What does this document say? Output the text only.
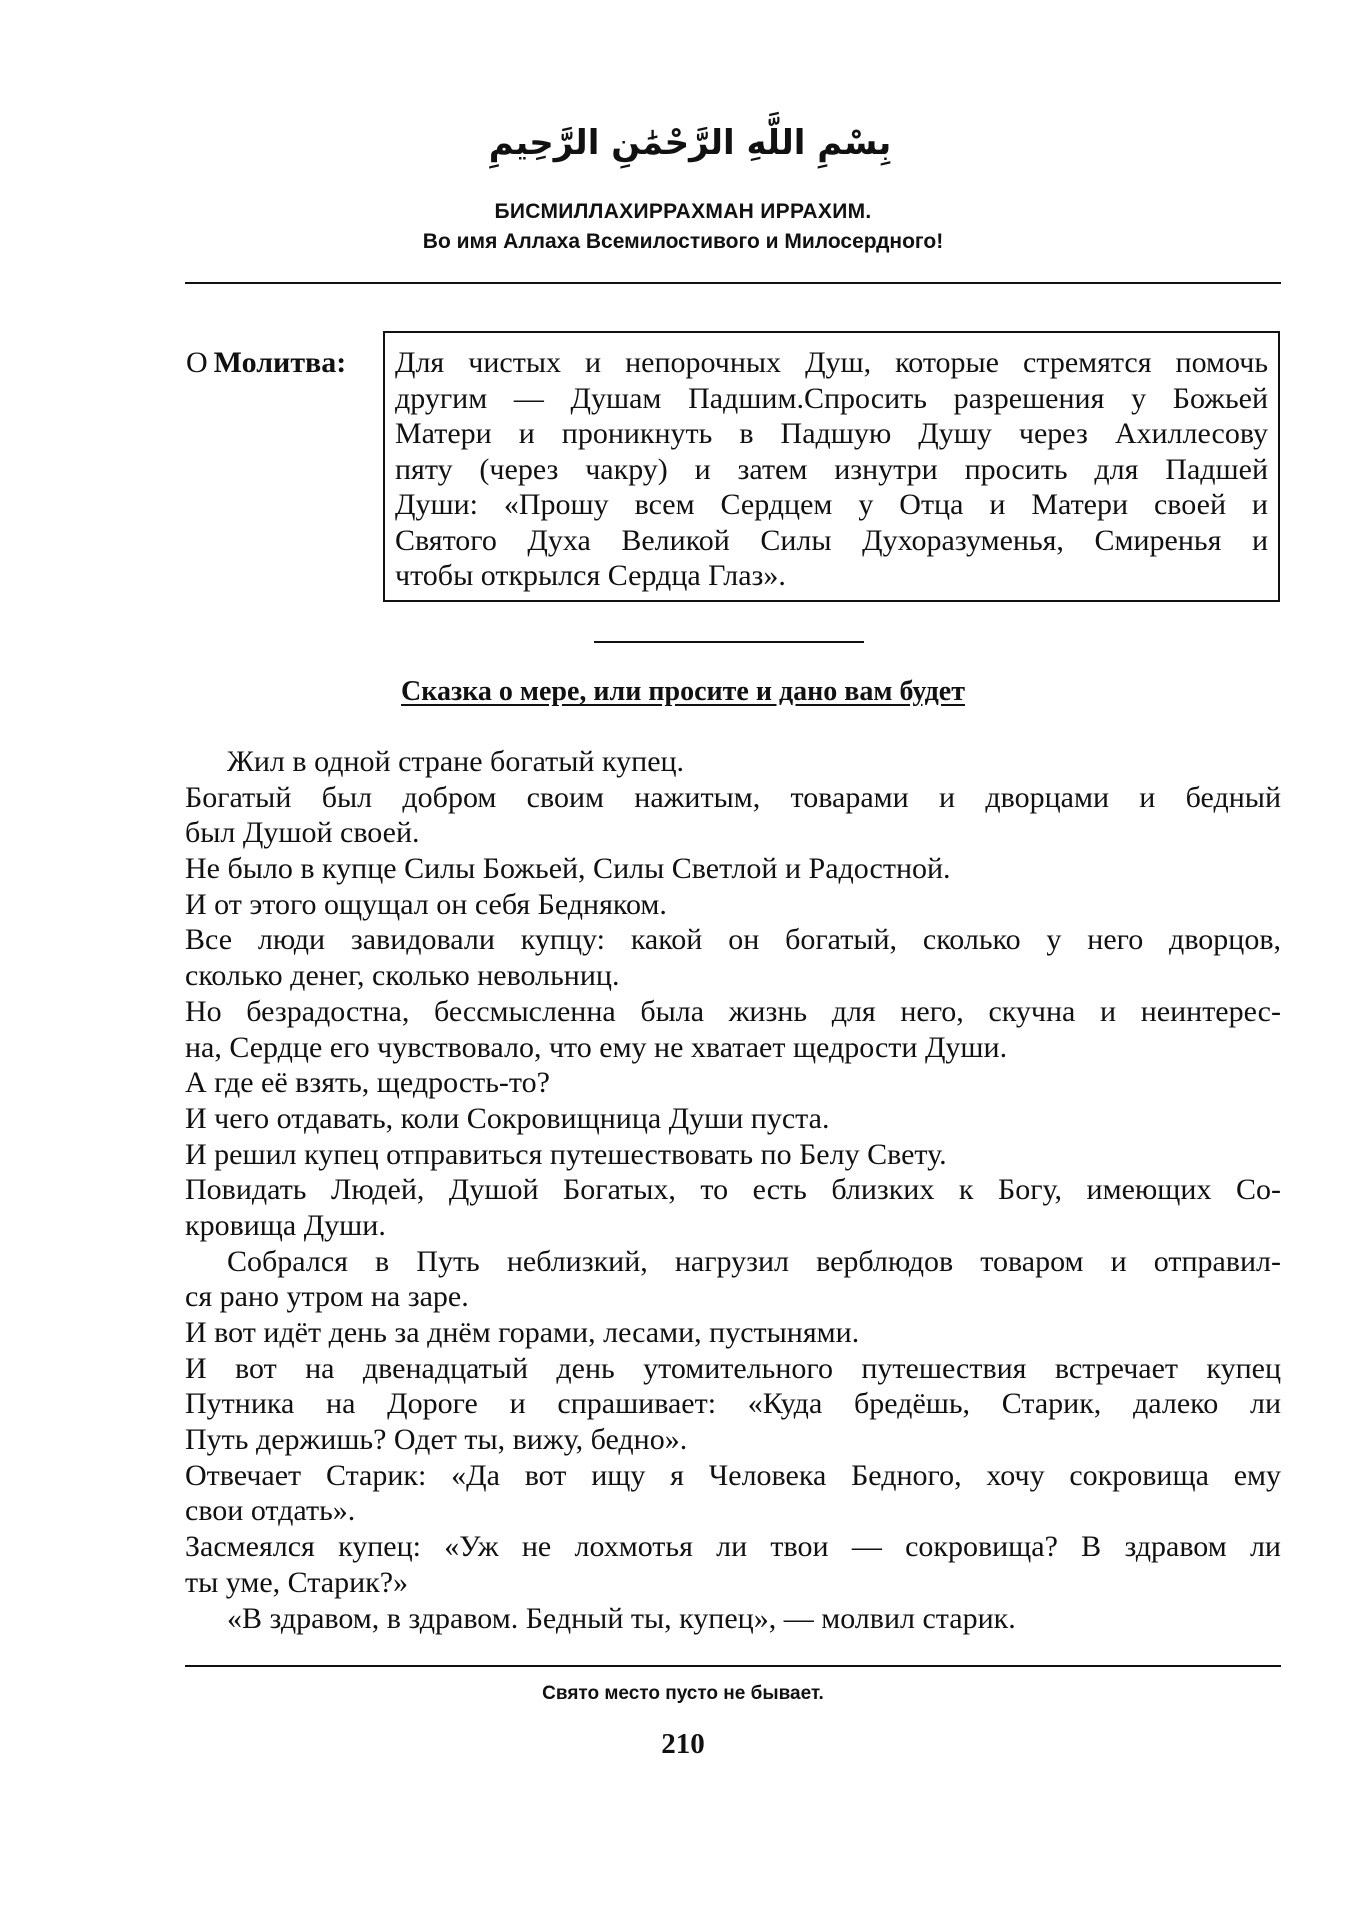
بِسْمِ اللَّهِ الرَّحْمَٰنِ الرَّحِيمِ
БИСМИЛЛАХИРРАХМАН ИРРАХИМ.
Во имя Аллаха Всемилостивого и Милосердного!
О Молитва: Для чистых и непорочных Душ, которые стремятся помочь
другим — Душам Падшим.Спросить разрешения у Божьей
Матери и проникнуть в Падшую Душу через Ахиллесову
пяту (через чакру) и затем изнутри просить для Падшей
Души: «Прошу всем Сердцем у Отца и Матери своей и
Святого Духа Великой Силы Духоразуменья, Смиренья и
чтобы открылся Сердца Глаз».
Сказка о мере, или просите и дано вам будет
Жил в одной стране богатый купец.
Богатый был добром своим нажитым, товарами и дворцами и бедный
был Душой своей.
Не было в купце Силы Божьей, Силы Светлой и Радостной.
И от этого ощущал он себя Бедняком.
Все люди завидовали купцу: какой он богатый, сколько у него дворцов,
сколько денег, сколько невольниц.
Но безрадостна, бессмысленна была жизнь для него, скучна и неинтерес-
на, Сердце его чувствовало, что ему не хватает щедрости Души.
А где её взять, щедрость-то?
И чего отдавать, коли Сокровищница Души пуста.
И решил купец отправиться путешествовать по Белу Свету.
Повидать Людей, Душой Богатых, то есть близких к Богу, имеющих Со-
кровища Души.
Собрался в Путь неблизкий, нагрузил верблюдов товаром и отправил-
ся рано утром на заре.
И вот идёт день за днём горами, лесами, пустынями.
И вот на двенадцатый день утомительного путешествия встречает купец
Путника на Дороге и спрашивает: «Куда бредёшь, Старик, далеко ли
Путь держишь? Одет ты, вижу, бедно».
Отвечает Старик: «Да вот ищу я Человека Бедного, хочу сокровища ему
свои отдать».
Засмеялся купец: «Уж не лохмотья ли твои — сокровища? В здравом ли
ты уме, Старик?»
«В здравом, в здравом. Бедный ты, купец», — молвил старик.
Свято место пусто не бывает.
210
